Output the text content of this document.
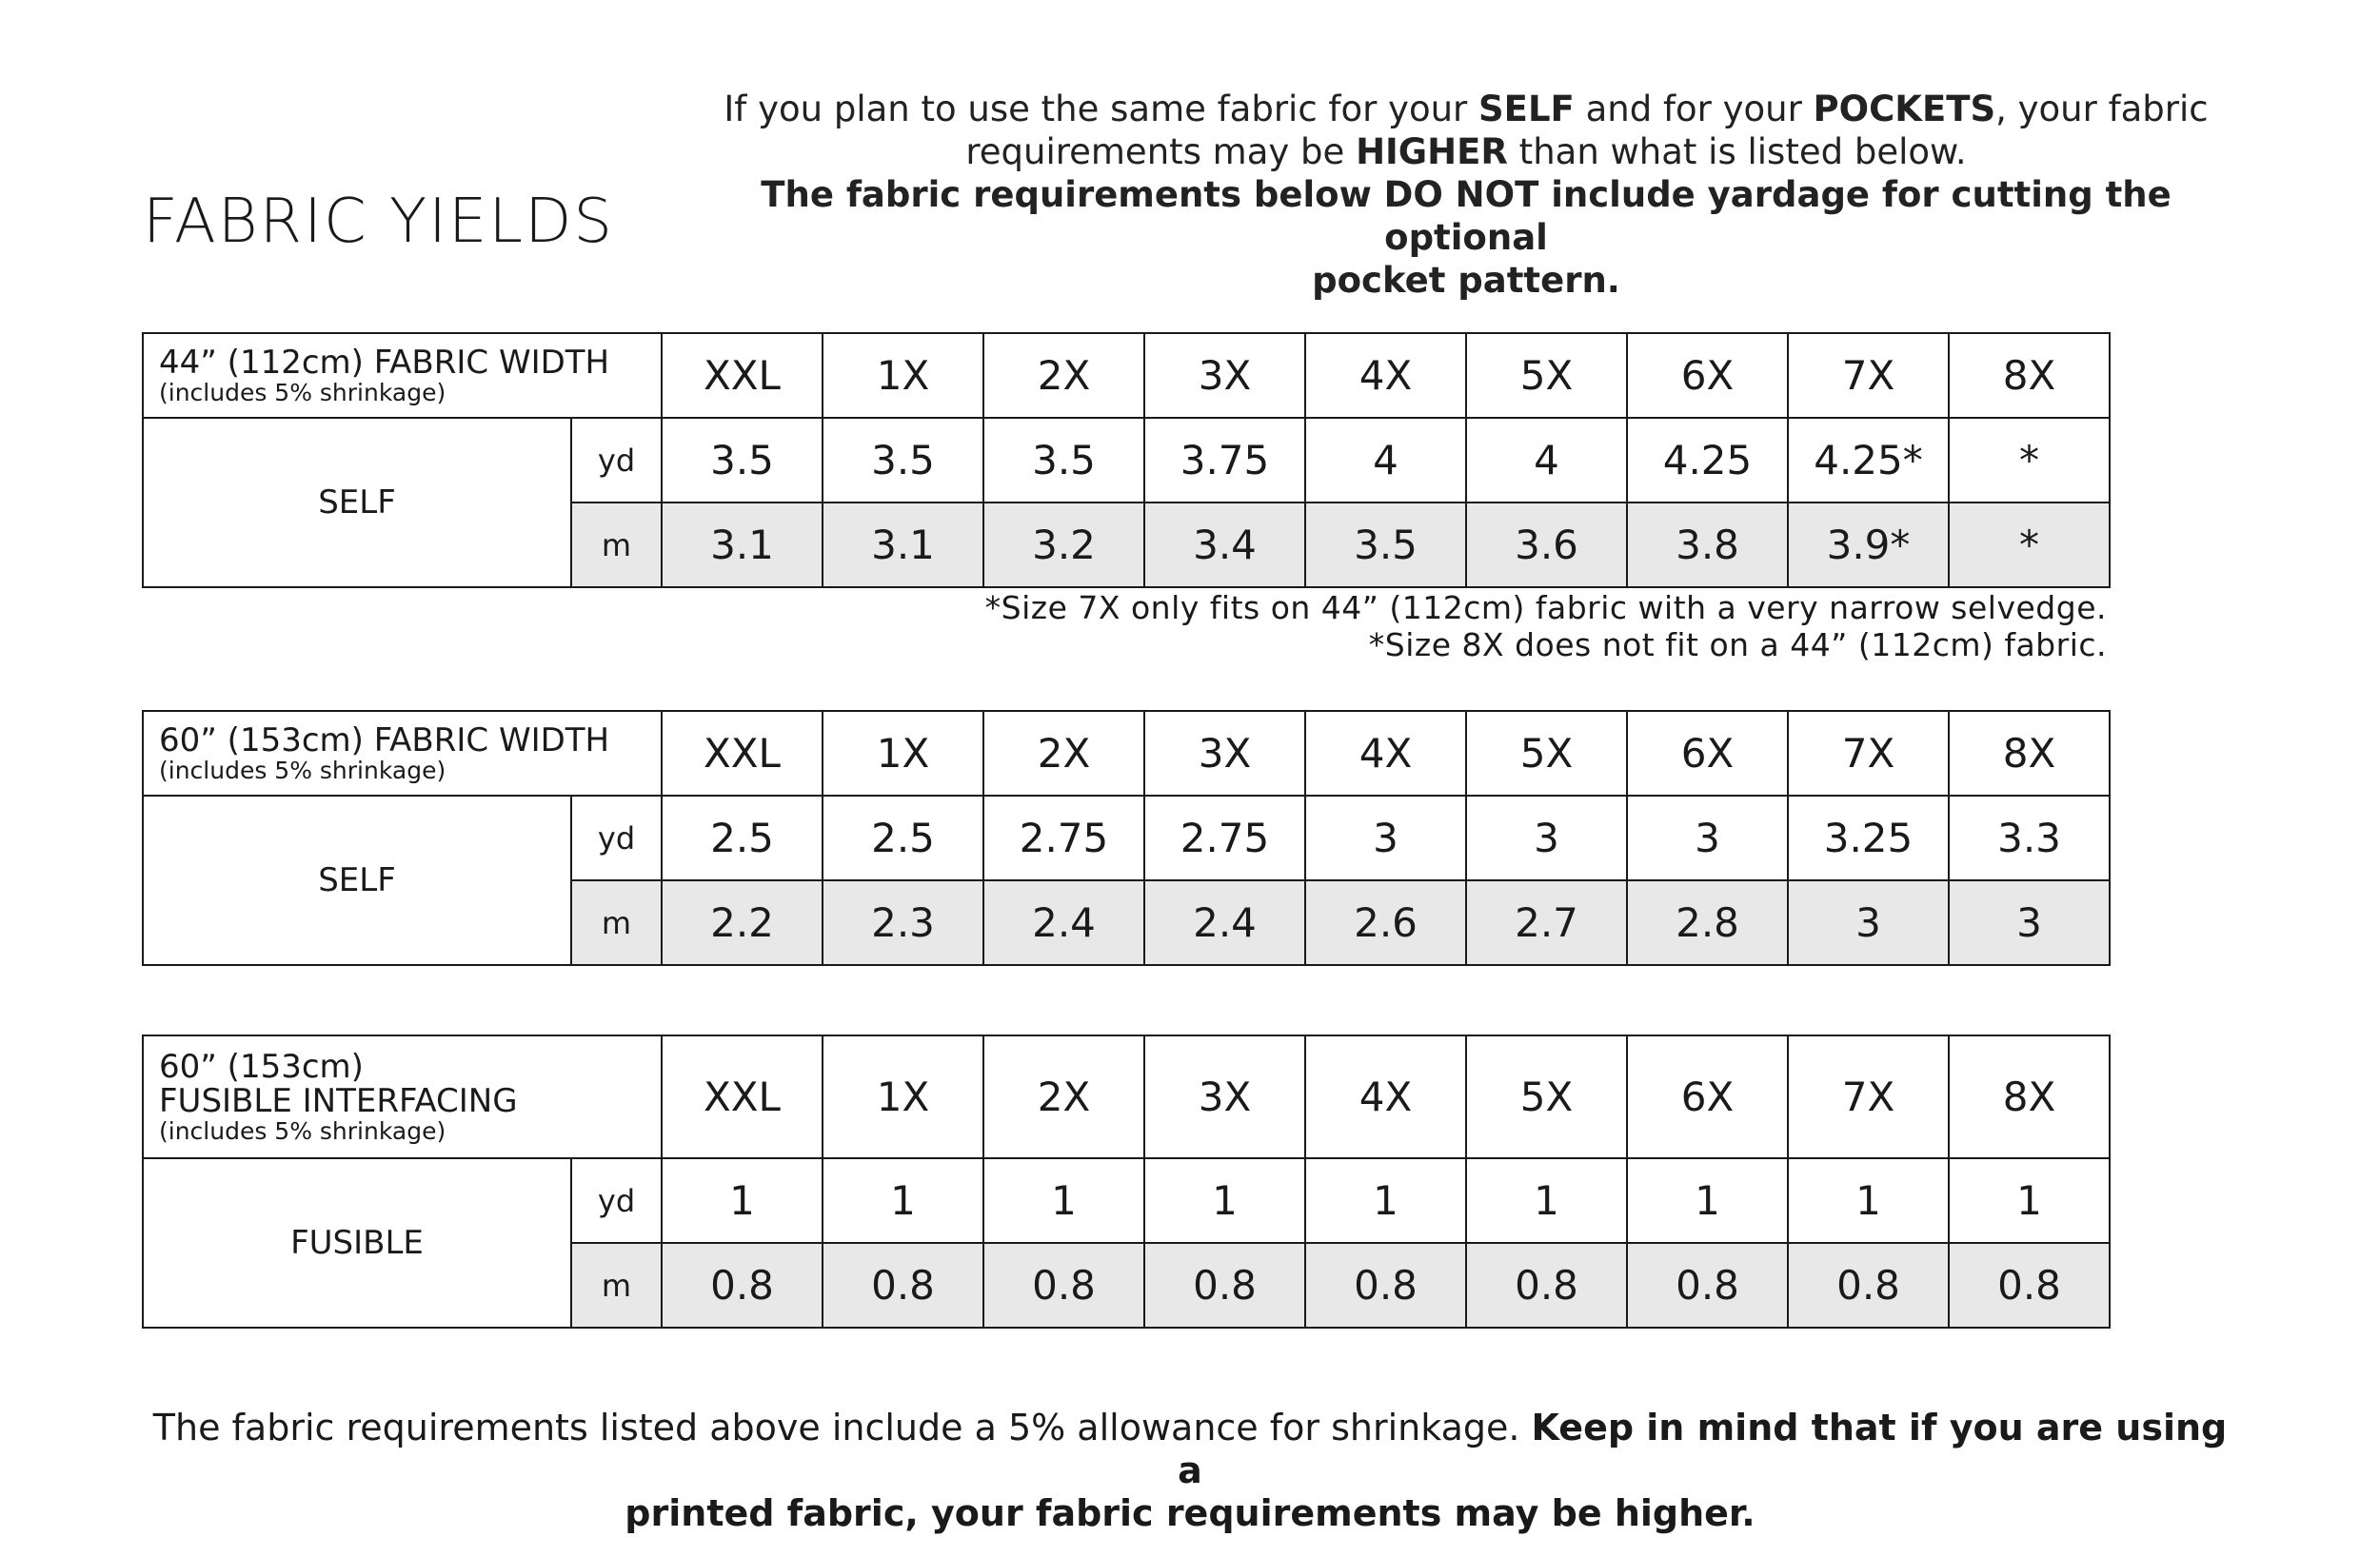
FABRIC YIELDS
If you plan to use the same fabric for your SELF and for your POCKETS, your fabric
requirements may be HIGHER than what is listed below.
The fabric requirements below DO NOT include yardage for cutting the optional
pocket pattern.
44” (112cm) FABRIC WIDTH
(includes 5% shrinkage)		XXL	1X	2X	3X	4X	5X	6X	7X	8X
SELF	yd	3.5	3.5	3.5	3.75	4	4	4.25	4.25*	*
	m	3.1	3.1	3.2	3.4	3.5	3.6	3.8	3.9*	*
*Size 7X only fits on 44” (112cm) fabric with a very narrow selvedge.
*Size 8X does not fit on a 44” (112cm) fabric.
60” (153cm) FABRIC WIDTH
(includes 5% shrinkage)		XXL	1X	2X	3X	4X	5X	6X	7X	8X
SELF	yd	2.5	2.5	2.75	2.75	3	3	3	3.25	3.3
	m	2.2	2.3	2.4	2.4	2.6	2.7	2.8	3	3
60” (153cm)
FUSIBLE INTERFACING
(includes 5% shrinkage)		XXL	1X	2X	3X	4X	5X	6X	7X	8X
FUSIBLE	yd	1	1	1	1	1	1	1	1	1
	m	0.8	0.8	0.8	0.8	0.8	0.8	0.8	0.8	0.8
The fabric requirements listed above include a 5% allowance for shrinkage. Keep in mind that if you are using a
printed fabric, your fabric requirements may be higher.
